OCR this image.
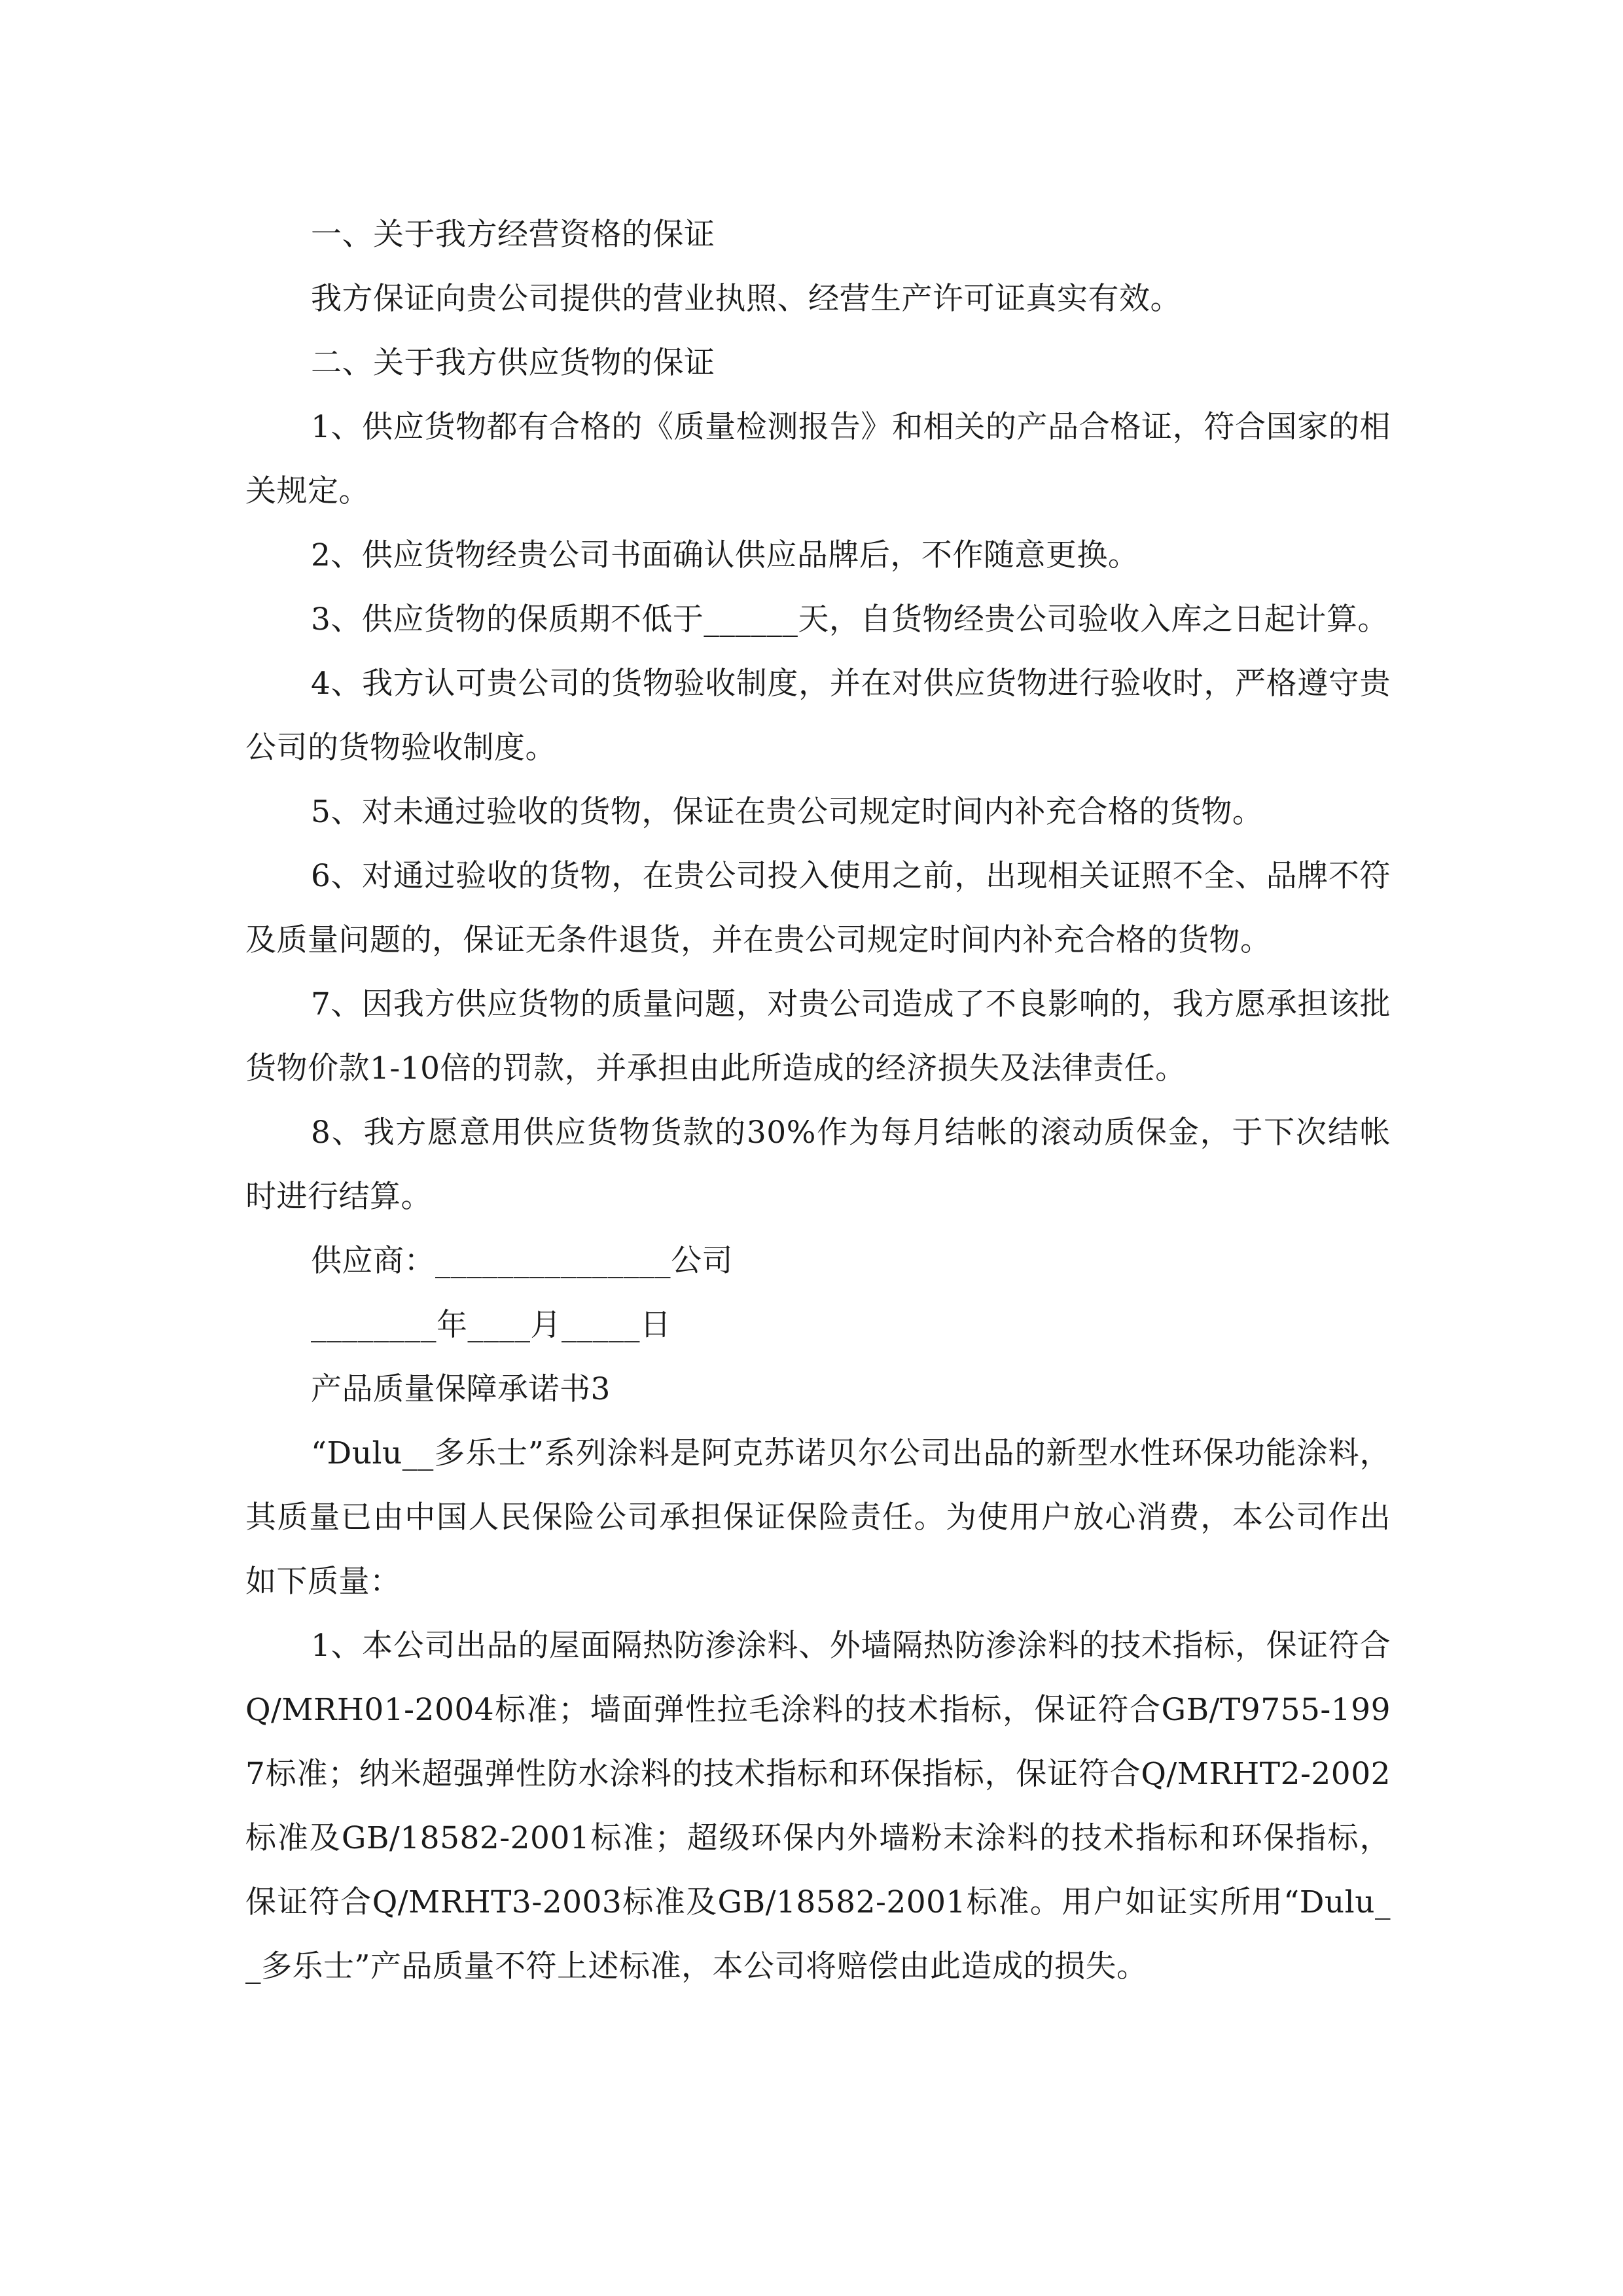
一、关于我方经营资格的保证

我方保证向贵公司提供的营业执照、经营生产许可证真实有效。

二、关于我方供应货物的保证

1、供应货物都有合格的《质量检测报告》和相关的产品合格证，符合国家的相关规定。

2、供应货物经贵公司书面确认供应品牌后，不作随意更换。

3、供应货物的保质期不低于______天，自货物经贵公司验收入库之日起计算。

4、我方认可贵公司的货物验收制度，并在对供应货物进行验收时，严格遵守贵公司的货物验收制度。

5、对未通过验收的货物，保证在贵公司规定时间内补充合格的货物。

6、对通过验收的货物，在贵公司投入使用之前，出现相关证照不全、品牌不符及质量问题的，保证无条件退货，并在贵公司规定时间内补充合格的货物。

7、因我方供应货物的质量问题，对贵公司造成了不良影响的，我方愿承担该批货物价款1-10倍的罚款，并承担由此所造成的经济损失及法律责任。

8、我方愿意用供应货物货款的30%作为每月结帐的滚动质保金，于下次结帐时进行结算。

供应商：_______________公司

________年____月_____日

产品质量保障承诺书3

“Dulu__多乐士”系列涂料是阿克苏诺贝尔公司出品的新型水性环保功能涂料，其质量已由中国人民保险公司承担保证保险责任。为使用户放心消费，本公司作出如下质量：

1、本公司出品的屋面隔热防渗涂料、外墙隔热防渗涂料的技术指标，保证符合Q/MRH01-2004标准；墙面弹性拉毛涂料的技术指标，保证符合GB/T9755-1997标准；纳米超强弹性防水涂料的技术指标和环保指标，保证符合Q/MRHT2-2002标准及GB/18582-2001标准；超级环保内外墙粉末涂料的技术指标和环保指标，保证符合Q/MRHT3-2003标准及GB/18582-2001标准。用户如证实所用“Dulu__多乐士”产品质量不符上述标准，本公司将赔偿由此造成的损失。
